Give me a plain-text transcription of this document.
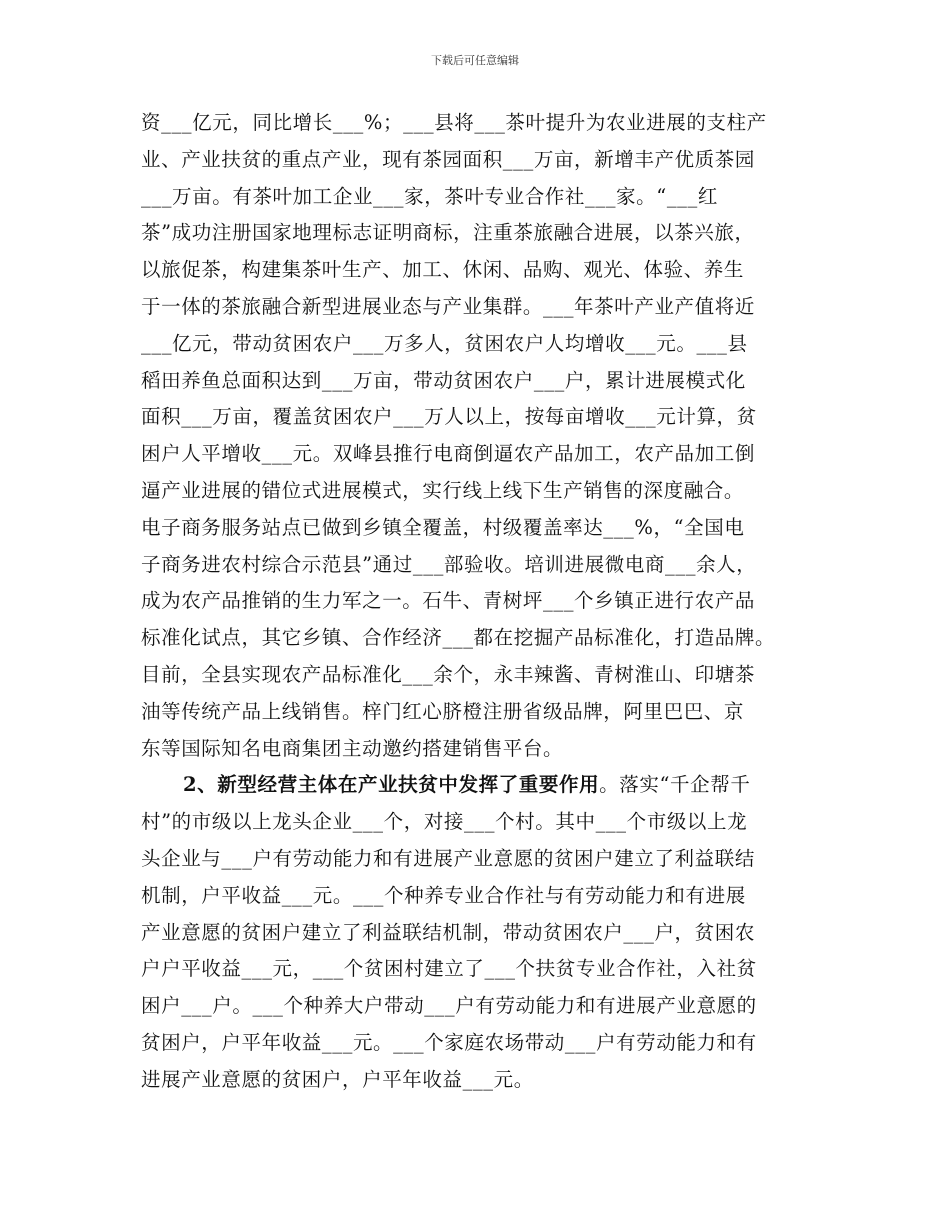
下载后可任意编辑
资___亿元，同比增长___%；___县将___茶叶提升为农业进展的支柱产
业、产业扶贫的重点产业，现有茶园面积___万亩，新增丰产优质茶园
___万亩。有茶叶加工企业___家，茶叶专业合作社___家。“___红
茶”成功注册国家地理标志证明商标，注重茶旅融合进展，以茶兴旅，
以旅促茶，构建集茶叶生产、加工、休闲、品购、观光、体验、养生
于一体的茶旅融合新型进展业态与产业集群。___年茶叶产业产值将近
___亿元，带动贫困农户___万多人，贫困农户人均增收___元。___县
稻田养鱼总面积达到___万亩，带动贫困农户___户，累计进展模式化
面积___万亩，覆盖贫困农户___万人以上，按每亩增收___元计算，贫
困户人平增收___元。双峰县推行电商倒逼农产品加工，农产品加工倒
逼产业进展的错位式进展模式，实行线上线下生产销售的深度融合。
电子商务服务站点已做到乡镇全覆盖，村级覆盖率达___%，“全国电
子商务进农村综合示范县”通过___部验收。培训进展微电商___余人，
成为农产品推销的生力军之一。石牛、青树坪___个乡镇正进行农产品
标准化试点，其它乡镇、合作经济___都在挖掘产品标准化，打造品牌。
目前，全县实现农产品标准化___余个，永丰辣酱、青树淮山、印塘茶
油等传统产品上线销售。梓门红心脐橙注册省级品牌，阿里巴巴、京
东等国际知名电商集团主动邀约搭建销售平台。
2、新型经营主体在产业扶贫中发挥了重要作用。落实“千企帮千
村”的市级以上龙头企业___个，对接___个村。其中___个市级以上龙
头企业与___户有劳动能力和有进展产业意愿的贫困户建立了利益联结
机制，户平收益___元。___个种养专业合作社与有劳动能力和有进展
产业意愿的贫困户建立了利益联结机制，带动贫困农户___户，贫困农
户户平收益___元，___个贫困村建立了___个扶贫专业合作社，入社贫
困户___户。___个种养大户带动___户有劳动能力和有进展产业意愿的
贫困户，户平年收益___元。___个家庭农场带动___户有劳动能力和有
进展产业意愿的贫困户，户平年收益___元。
